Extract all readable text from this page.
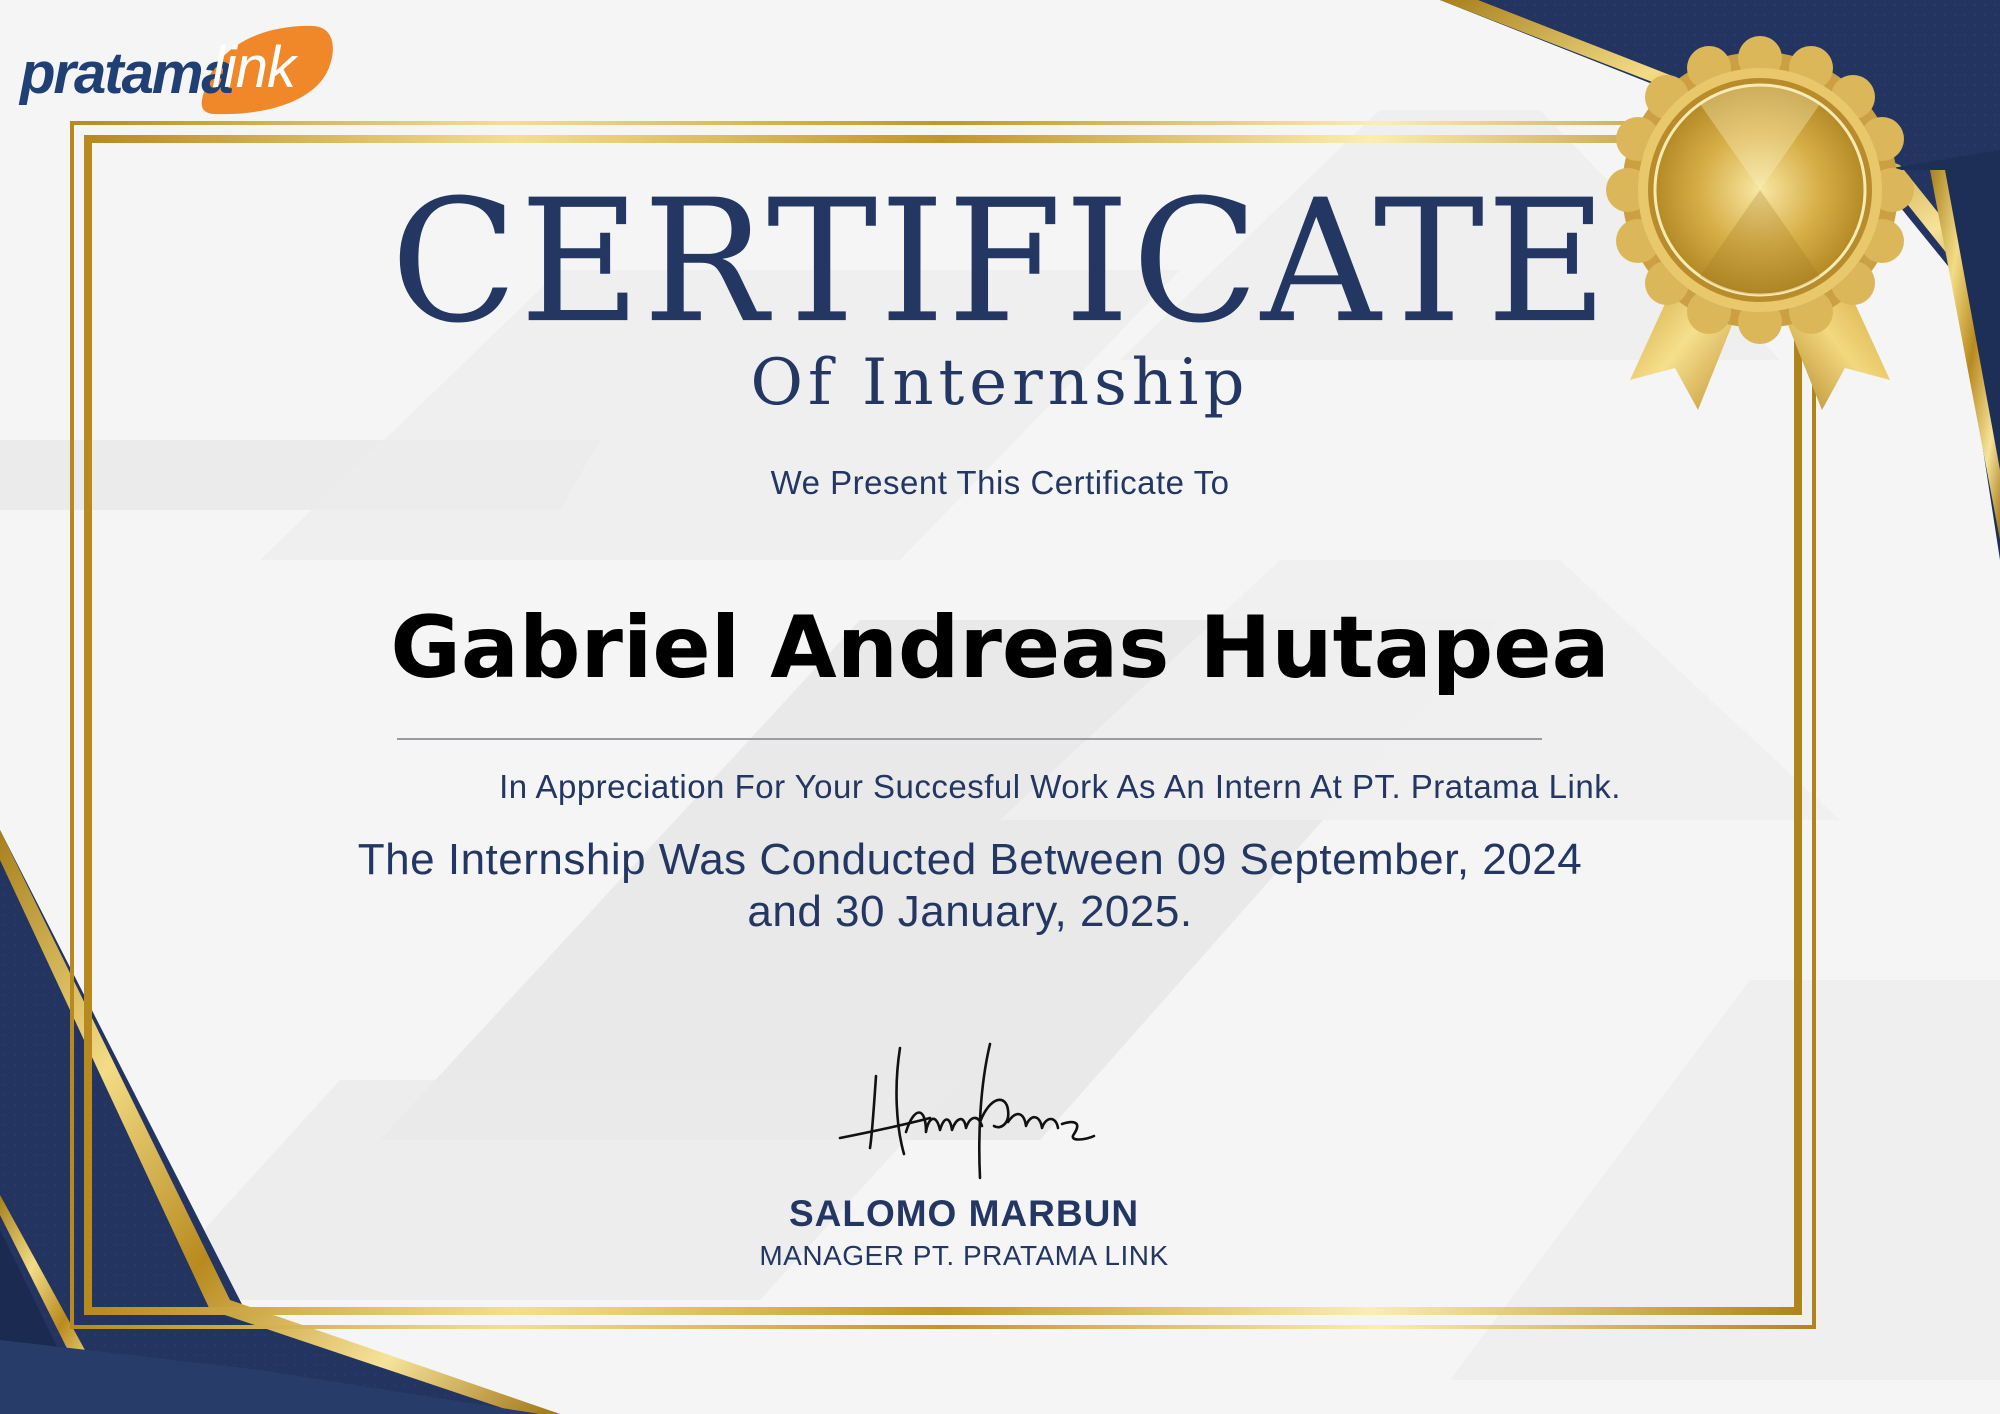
pratama
link
CERTIFICATE
Of Internship
We Present This Certificate To
Gabriel Andreas Hutapea
In Appreciation For Your Succesful Work As An Intern At PT. Pratama Link.
The Internship Was Conducted Between 09 September, 2024
and 30 January, 2025.
SALOMO MARBUN
MANAGER PT. PRATAMA LINK
